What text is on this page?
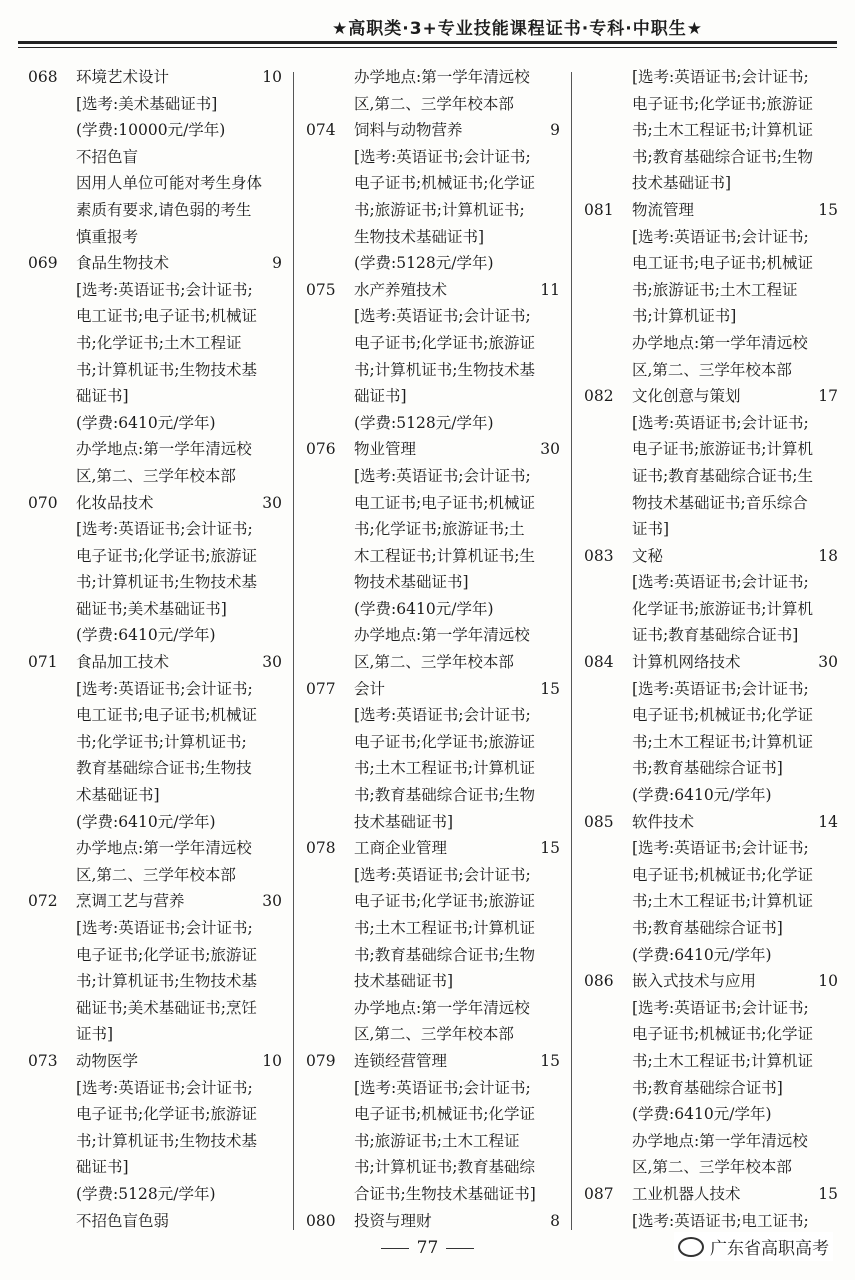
★高职类·3+专业技能课程证书·专科·中职生★
068	环境艺术设计	10
[选考:美术基础证书]
(学费:10000元/学年)
不招色盲
因用人单位可能对考生身体
素质有要求,请色弱的考生
慎重报考
069	食品生物技术	9
[选考:英语证书;会计证书;
电工证书;电子证书;机械证
书;化学证书;土木工程证
书;计算机证书;生物技术基
础证书]
(学费:6410元/学年)
办学地点:第一学年清远校
区,第二、三学年校本部
070	化妆品技术	30
[选考:英语证书;会计证书;
电子证书;化学证书;旅游证
书;计算机证书;生物技术基
础证书;美术基础证书]
(学费:6410元/学年)
071	食品加工技术	30
[选考:英语证书;会计证书;
电工证书;电子证书;机械证
书;化学证书;计算机证书;
教育基础综合证书;生物技
术基础证书]
(学费:6410元/学年)
办学地点:第一学年清远校
区,第二、三学年校本部
072	烹调工艺与营养	30
[选考:英语证书;会计证书;
电子证书;化学证书;旅游证
书;计算机证书;生物技术基
础证书;美术基础证书;烹饪
证书]
073	动物医学	10
[选考:英语证书;会计证书;
电子证书;化学证书;旅游证
书;计算机证书;生物技术基
础证书]
(学费:5128元/学年)
不招色盲色弱
办学地点:第一学年清远校
区,第二、三学年校本部
074	饲料与动物营养	9
[选考:英语证书;会计证书;
电子证书;机械证书;化学证
书;旅游证书;计算机证书;
生物技术基础证书]
(学费:5128元/学年)
075	水产养殖技术	11
[选考:英语证书;会计证书;
电子证书;化学证书;旅游证
书;计算机证书;生物技术基
础证书]
(学费:5128元/学年)
076	物业管理	30
[选考:英语证书;会计证书;
电工证书;电子证书;机械证
书;化学证书;旅游证书;土
木工程证书;计算机证书;生
物技术基础证书]
(学费:6410元/学年)
办学地点:第一学年清远校
区,第二、三学年校本部
077	会计	15
[选考:英语证书;会计证书;
电子证书;化学证书;旅游证
书;土木工程证书;计算机证
书;教育基础综合证书;生物
技术基础证书]
078	工商企业管理	15
[选考:英语证书;会计证书;
电子证书;化学证书;旅游证
书;土木工程证书;计算机证
书;教育基础综合证书;生物
技术基础证书]
办学地点:第一学年清远校
区,第二、三学年校本部
079	连锁经营管理	15
[选考:英语证书;会计证书;
电子证书;机械证书;化学证
书;旅游证书;土木工程证
书;计算机证书;教育基础综
合证书;生物技术基础证书]
080	投资与理财	8
[选考:英语证书;会计证书;
电子证书;化学证书;旅游证
书;土木工程证书;计算机证
书;教育基础综合证书;生物
技术基础证书]
081	物流管理	15
[选考:英语证书;会计证书;
电工证书;电子证书;机械证
书;旅游证书;土木工程证
书;计算机证书]
办学地点:第一学年清远校
区,第二、三学年校本部
082	文化创意与策划	17
[选考:英语证书;会计证书;
电子证书;旅游证书;计算机
证书;教育基础综合证书;生
物技术基础证书;音乐综合
证书]
083	文秘	18
[选考:英语证书;会计证书;
化学证书;旅游证书;计算机
证书;教育基础综合证书]
084	计算机网络技术	30
[选考:英语证书;会计证书;
电子证书;机械证书;化学证
书;土木工程证书;计算机证
书;教育基础综合证书]
(学费:6410元/学年)
085	软件技术	14
[选考:英语证书;会计证书;
电子证书;机械证书;化学证
书;土木工程证书;计算机证
书;教育基础综合证书]
(学费:6410元/学年)
086	嵌入式技术与应用	10
[选考:英语证书;会计证书;
电子证书;机械证书;化学证
书;土木工程证书;计算机证
书;教育基础综合证书]
(学费:6410元/学年)
办学地点:第一学年清远校
区,第二、三学年校本部
087	工业机器人技术	15
[选考:英语证书;电工证书;
77	广东省高职高考
